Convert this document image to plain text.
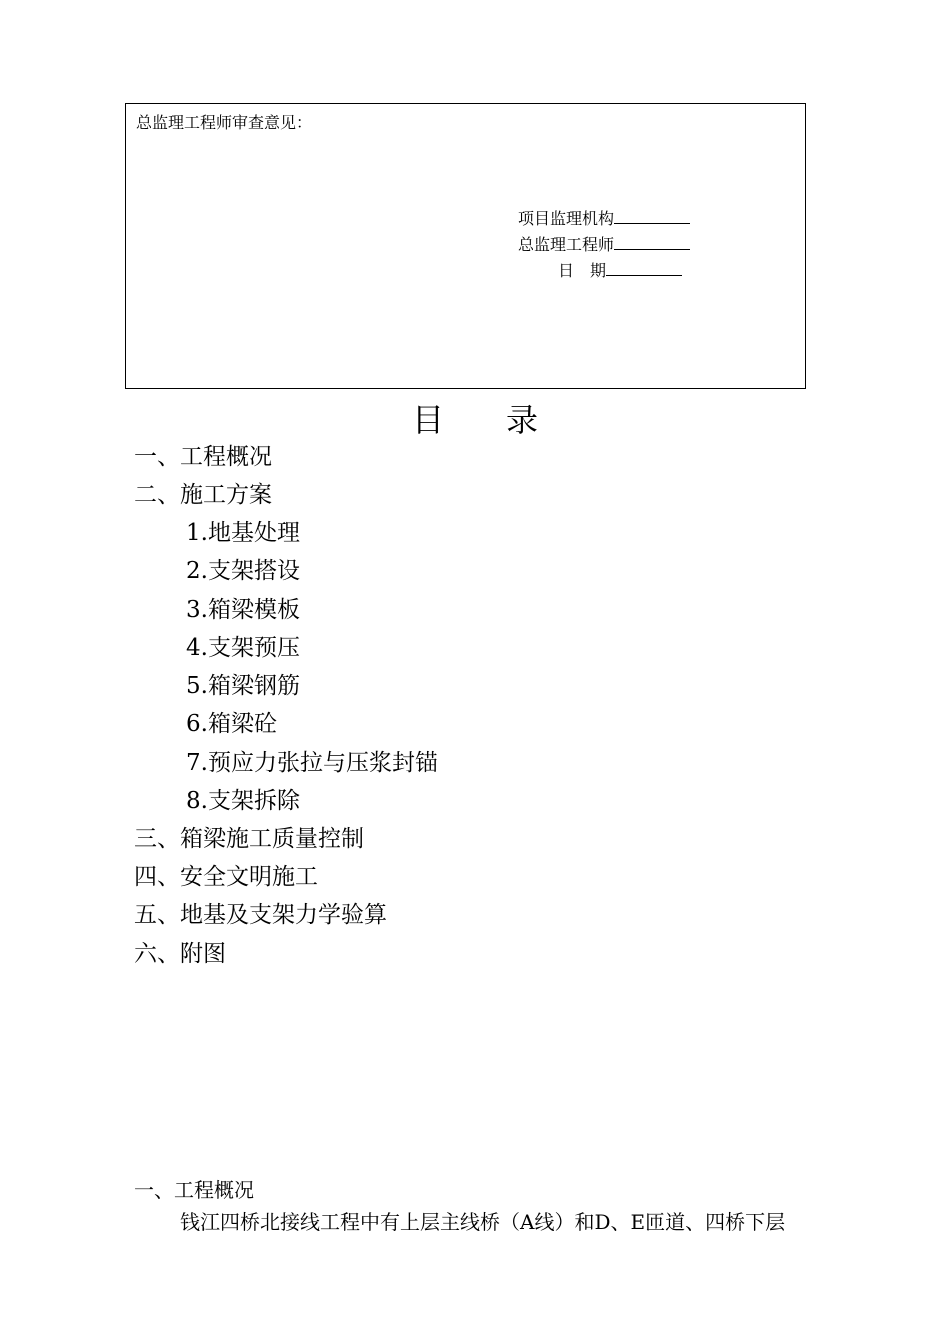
总监理工程师审查意见：
项目监理机构
总监理工程师
日　期
目 录
一、工程概况
二、施工方案
1.地基处理
2.支架搭设
3.箱梁模板
4.支架预压
5.箱梁钢筋
6.箱梁砼
7.预应力张拉与压浆封锚
8.支架拆除
三、箱梁施工质量控制
四、安全文明施工
五、地基及支架力学验算
六、附图
一、工程概况
钱江四桥北接线工程中有上层主线桥（A线）和D、E匝道、四桥下层
